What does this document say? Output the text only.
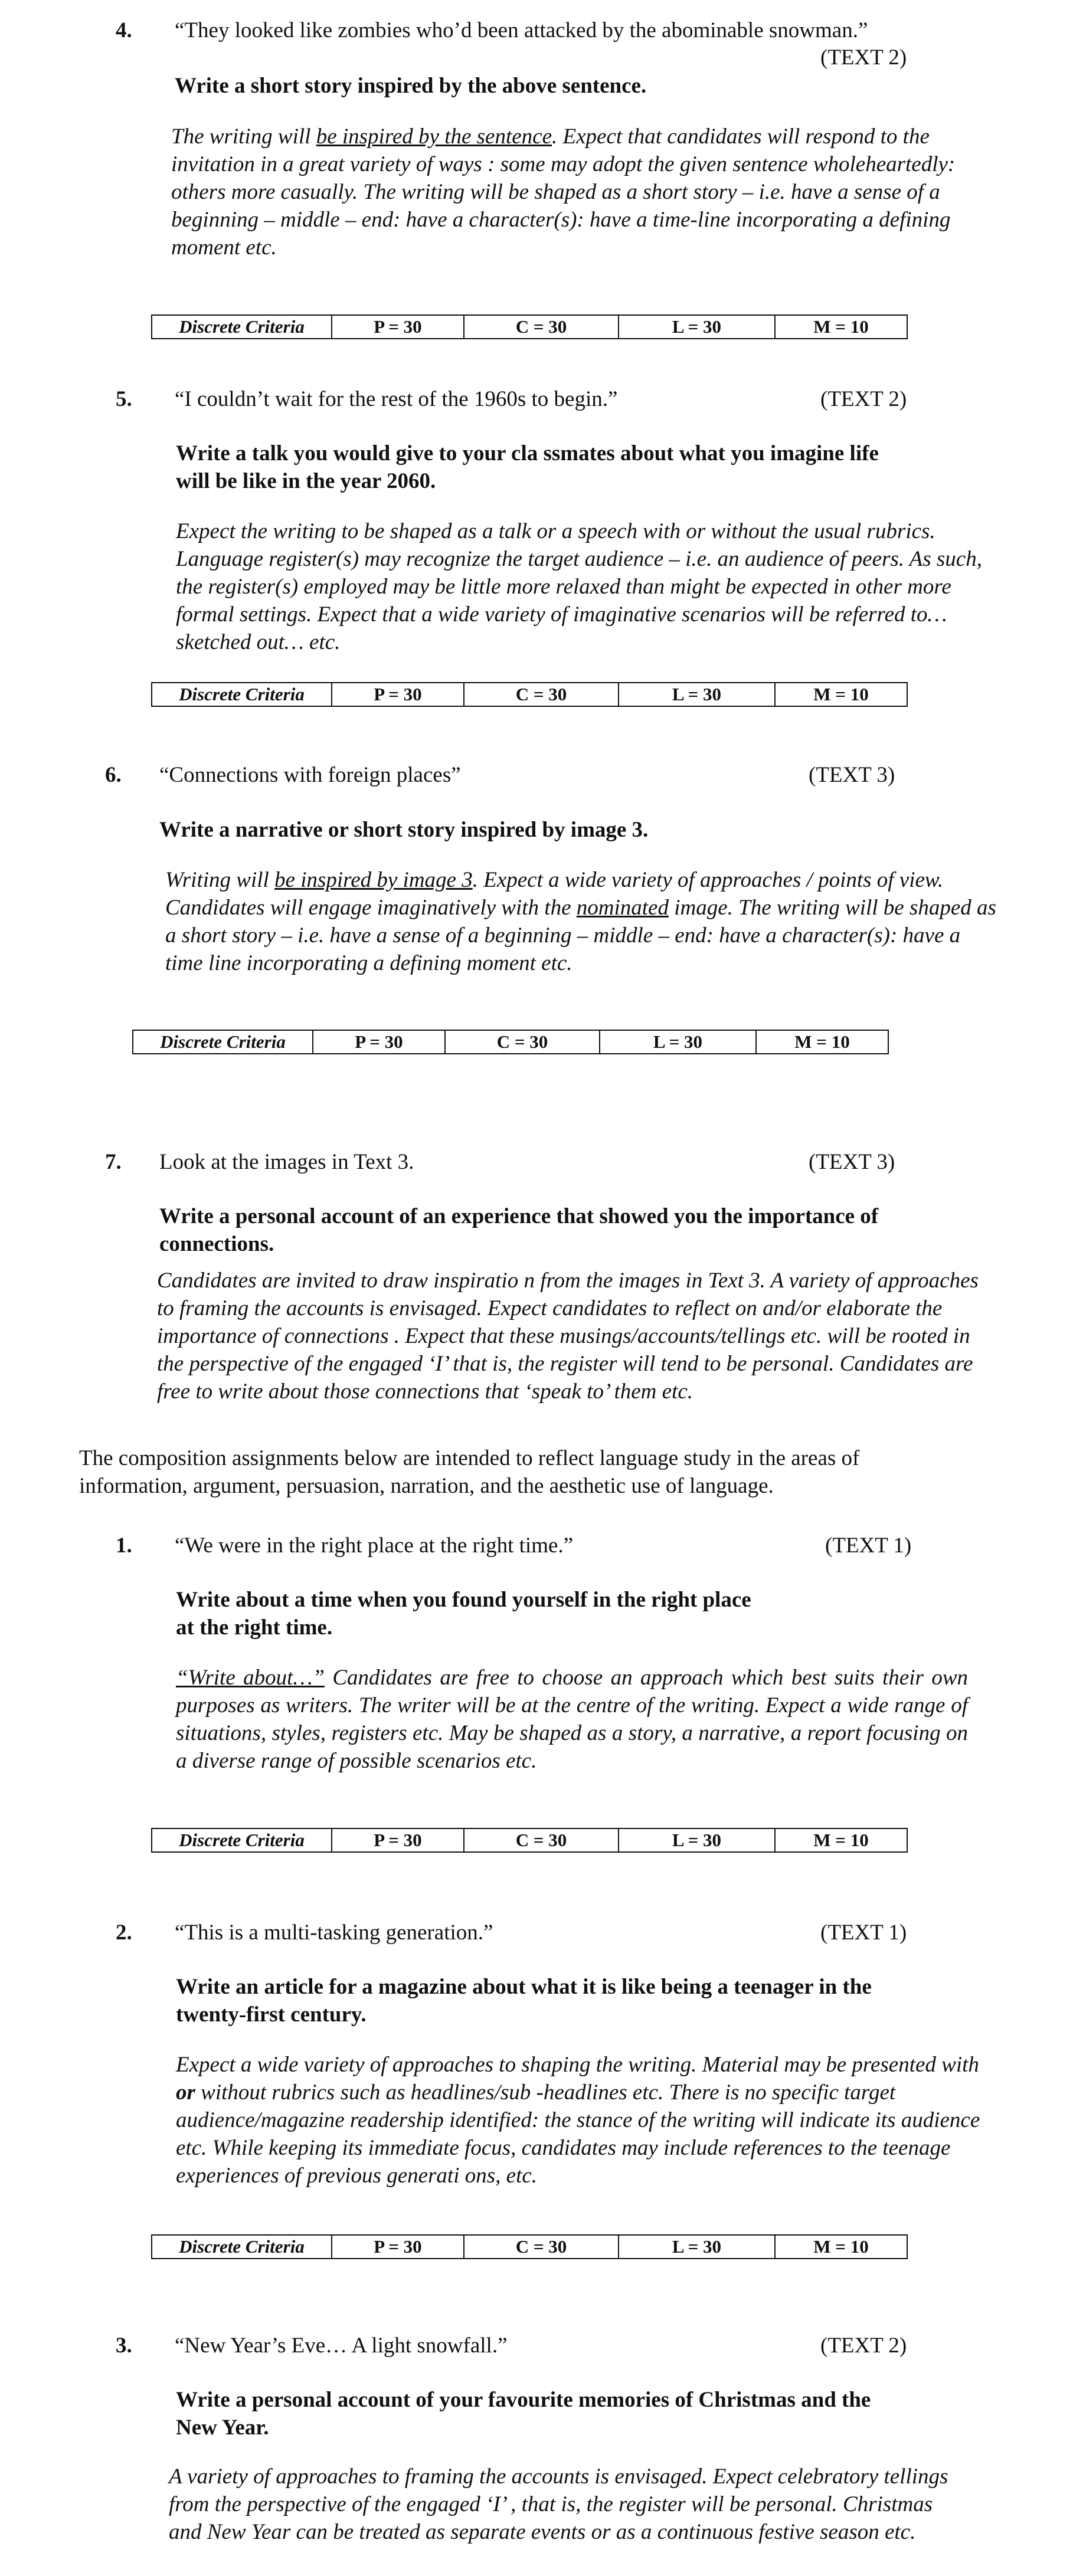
4. “They looked like zombies who’d been attacked by the abominable snowman.”
(TEXT 2)
Write a short story inspired by the above sentence.
The writing will be inspired by the sentence. Expect that candidates will respond to the invitation in a great variety of ways : some may adopt the given sentence wholeheartedly: others more casually. The writing will be shaped as a short story – i.e. have a sense of a beginning – middle – end: have a character(s): have a time-line incorporating a defining moment etc.
Discrete Criteria	P = 30	C = 30	L = 30	M = 10
5. “I couldn’t wait for the rest of the 1960s to begin.”	(TEXT 2)
Write a talk you would give to your cla ssmates about what you imagine life
will be like in the year 2060.
Expect the writing to be shaped as a talk or a speech with or without the usual rubrics. Language register(s) may recognize the target audience – i.e. an audience of peers. As such, the register(s) employed may be little more relaxed than might be expected in other more formal settings. Expect that a wide variety of imaginative scenarios will be referred to…sketched out… etc.
Discrete Criteria	P = 30	C = 30	L = 30	M = 10
6. “Connections with foreign places”	(TEXT 3)
Write a narrative or short story inspired by image 3.
Writing will be inspired by image 3. Expect a wide variety of approaches / points of view. Candidates will engage imaginatively with the nominated image. The writing will be shaped as a short story – i.e. have a sense of a beginning – middle – end: have a character(s): have a time line incorporating a defining moment etc.
Discrete Criteria	P = 30	C = 30	L = 30	M = 10
7. Look at the images in Text 3.	(TEXT 3)
Write a personal account of an experience that showed you the importance of
connections.
Candidates are invited to draw inspiratio n from the images in Text 3. A variety of approaches to framing the accounts is envisaged. Expect candidates to reflect on and/or elaborate the importance of connections . Expect that these musings/accounts/tellings etc. will be rooted in the perspective of the engaged ‘I’ that is, the register will tend to be personal. Candidates are free to write about those connections that ‘speak to’ them etc.
The composition assignments below are intended to reflect language study in the areas of information, argument, persuasion, narration, and the aesthetic use of language.
1. “We were in the right place at the right time.”	(TEXT 1)
Write about a time when you found yourself in the right place
at the right time.
“Write about…” Candidates are free to choose an approach which best suits their own purposes as writers. The writer will be at the centre of the writing. Expect a wide range of situations, styles, registers etc. May be shaped as a story, a narrative, a report focusing on a diverse range of possible scenarios etc.
Discrete Criteria	P = 30	C = 30	L = 30	M = 10
2. “This is a multi-tasking generation.”	(TEXT 1)
Write an article for a magazine about what it is like being a teenager in the
twenty-first century.
Expect a wide variety of approaches to shaping the writing. Material may be presented with or without rubrics such as headlines/sub -headlines etc. There is no specific target audience/magazine readership identified: the stance of the writing will indicate its audience etc. While keeping its immediate focus, candidates may include references to the teenage experiences of previous generati ons, etc.
Discrete Criteria	P = 30	C = 30	L = 30	M = 10
3. “New Year’s Eve… A light snowfall.”	(TEXT 2)
Write a personal account of your favourite memories of Christmas and the
New Year.
A variety of approaches to framing the accounts is envisaged. Expect celebratory tellings from the perspective of the engaged ‘I’ , that is, the register will be personal. Christmas and New Year can be treated as separate events or as a continuous festive season etc.
